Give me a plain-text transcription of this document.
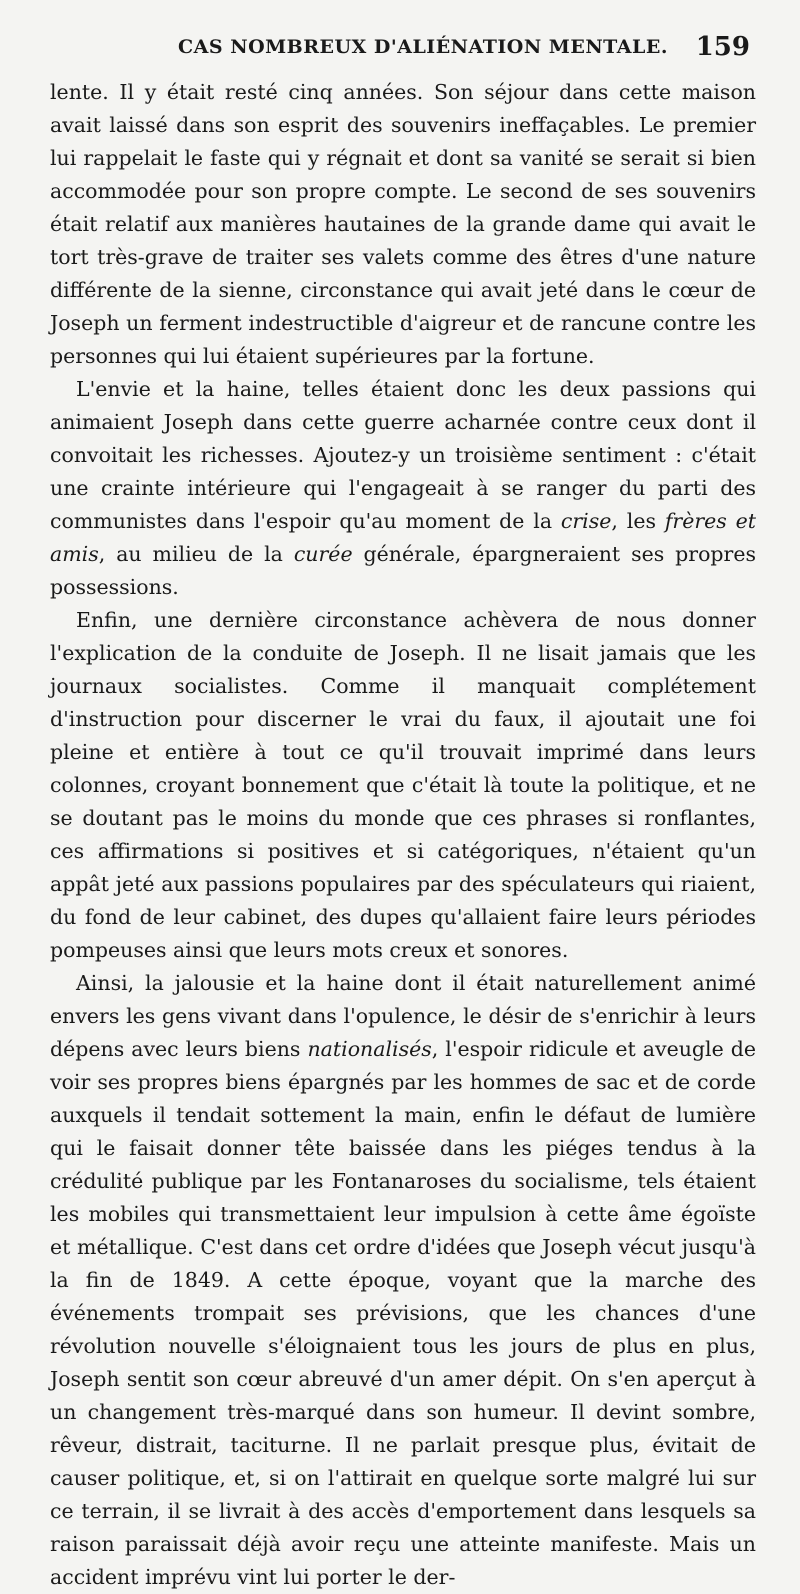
CAS NOMBREUX D'ALIÉNATION MENTALE. 159

lente. Il y était resté cinq années. Son séjour dans cette maison avait laissé dans son esprit des souvenirs ineffaçables. Le premier lui rappelait le faste qui y régnait et dont sa vanité se serait si bien accommodée pour son propre compte. Le second de ses souvenirs était relatif aux manières hautaines de la grande dame qui avait le tort très-grave de traiter ses valets comme des êtres d'une nature différente de la sienne, circonstance qui avait jeté dans le cœur de Joseph un ferment indestructible d'aigreur et de rancune contre les personnes qui lui étaient supérieures par la fortune.

L'envie et la haine, telles étaient donc les deux passions qui animaient Joseph dans cette guerre acharnée contre ceux dont il convoitait les richesses. Ajoutez-y un troisième sentiment : c'était une crainte intérieure qui l'engageait à se ranger du parti des communistes dans l'espoir qu'au moment de la crise, les frères et amis, au milieu de la curée générale, épargneraient ses propres possessions.

Enfin, une dernière circonstance achèvera de nous donner l'explication de la conduite de Joseph. Il ne lisait jamais que les journaux socialistes. Comme il manquait complétement d'instruction pour discerner le vrai du faux, il ajoutait une foi pleine et entière à tout ce qu'il trouvait imprimé dans leurs colonnes, croyant bonnement que c'était là toute la politique, et ne se doutant pas le moins du monde que ces phrases si ronflantes, ces affirmations si positives et si catégoriques, n'étaient qu'un appât jeté aux passions populaires par des spéculateurs qui riaient, du fond de leur cabinet, des dupes qu'allaient faire leurs périodes pompeuses ainsi que leurs mots creux et sonores.

Ainsi, la jalousie et la haine dont il était naturellement animé envers les gens vivant dans l'opulence, le désir de s'enrichir à leurs dépens avec leurs biens nationalisés, l'espoir ridicule et aveugle de voir ses propres biens épargnés par les hommes de sac et de corde auxquels il tendait sottement la main, enfin le défaut de lumière qui le faisait donner tête baissée dans les piéges tendus à la crédulité publique par les Fontanaroses du socialisme, tels étaient les mobiles qui transmettaient leur impulsion à cette âme égoïste et métallique. C'est dans cet ordre d'idées que Joseph vécut jusqu'à la fin de 1849. A cette époque, voyant que la marche des événements trompait ses prévisions, que les chances d'une révolution nouvelle s'éloignaient tous les jours de plus en plus, Joseph sentit son cœur abreuvé d'un amer dépit. On s'en aperçut à un changement très-marqué dans son humeur. Il devint sombre, rêveur, distrait, taciturne. Il ne parlait presque plus, évitait de causer politique, et, si on l'attirait en quelque sorte malgré lui sur ce terrain, il se livrait à des accès d'emportement dans lesquels sa raison paraissait déjà avoir reçu une atteinte manifeste. Mais un accident imprévu vint lui porter le der-
